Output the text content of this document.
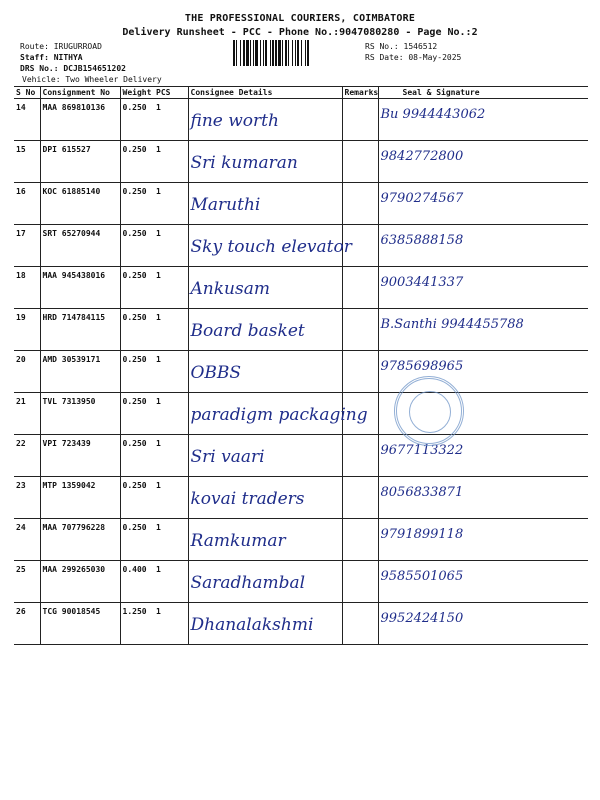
THE PROFESSIONAL COURIERS, COIMBATORE
Delivery Runsheet - PCC - Phone No.:9047080280 - Page No.:2
Route: IRUGURROAD
Staff: NITHYA
DRS No.: DCJB154651202
Vehicle: Two Wheeler Delivery
RS No.: 1546512
RS Date: 08-May-2025
S No	Consignment No	Weight	PCS	Consignee Details	Remarks	Seal & Signature
14	MAA 869810136	0.250	1	fine worth		Bu 9944443062
15	DPI 615527	0.250	1	Sri kumaran		9842772800
16	KOC 61885140	0.250	1	Maruthi		9790274567
17	SRT 65270944	0.250	1	Sky touch elevator		6385888158
18	MAA 945438016	0.250	1	Ankusam		9003441337
19	HRD 714784115	0.250	1	Board basket		B.Santhi 9944455788
20	AMD 30539171	0.250	1	OBBS		9785698965
21	TVL 7313950	0.250	1	paradigm packaging		
22	VPI 723439	0.250	1	Sri vaari		9677113322
23	MTP 1359042	0.250	1	kovai traders		8056833871
24	MAA 707796228	0.250	1	Ramkumar		9791899118
25	MAA 299265030	0.400	1	Saradhambal		9585501065
26	TCG 90018545	1.250	1	Dhanalakshmi		9952424150
